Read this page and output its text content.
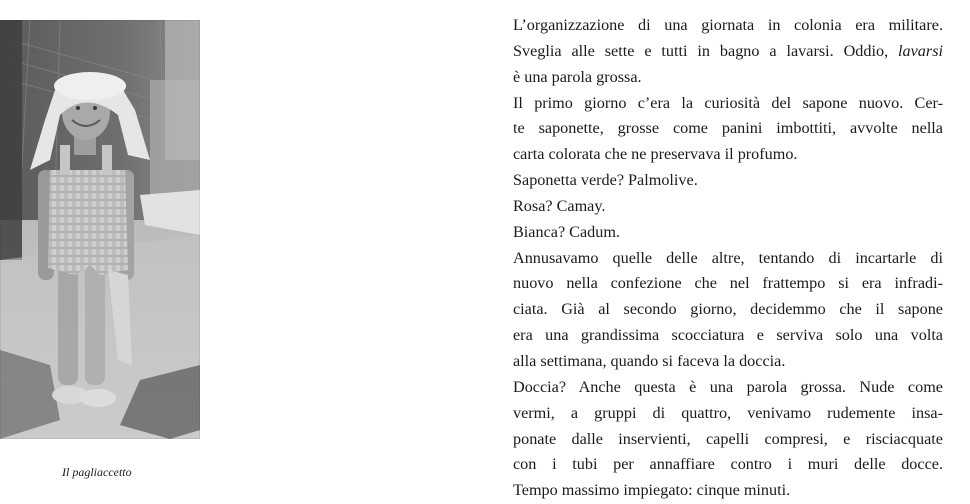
Il pagliaccetto
L’organizzazione di una giornata in colonia era militare.
Sveglia alle sette e tutti in bagno a lavarsi. Oddio, lavarsi
è una parola grossa.
Il primo giorno c’era la curiosità del sapone nuovo. Cer-
te saponette, grosse come panini imbottiti, avvolte nella
carta colorata che ne preservava il profumo.
Saponetta verde? Palmolive.
Rosa? Camay.
Bianca? Cadum.
Annusavamo quelle delle altre, tentando di incartarle di
nuovo nella confezione che nel frattempo si era infradi-
ciata. Già al secondo giorno, decidemmo che il sapone
era una grandissima scocciatura e serviva solo una volta
alla settimana, quando si faceva la doccia.
Doccia? Anche questa è una parola grossa. Nude come
vermi, a gruppi di quattro, venivamo rudemente insa-
ponate dalle inservienti, capelli compresi, e risciacquate
con i tubi per annaffiare contro i muri delle docce.
Tempo massimo impiegato: cinque minuti.
